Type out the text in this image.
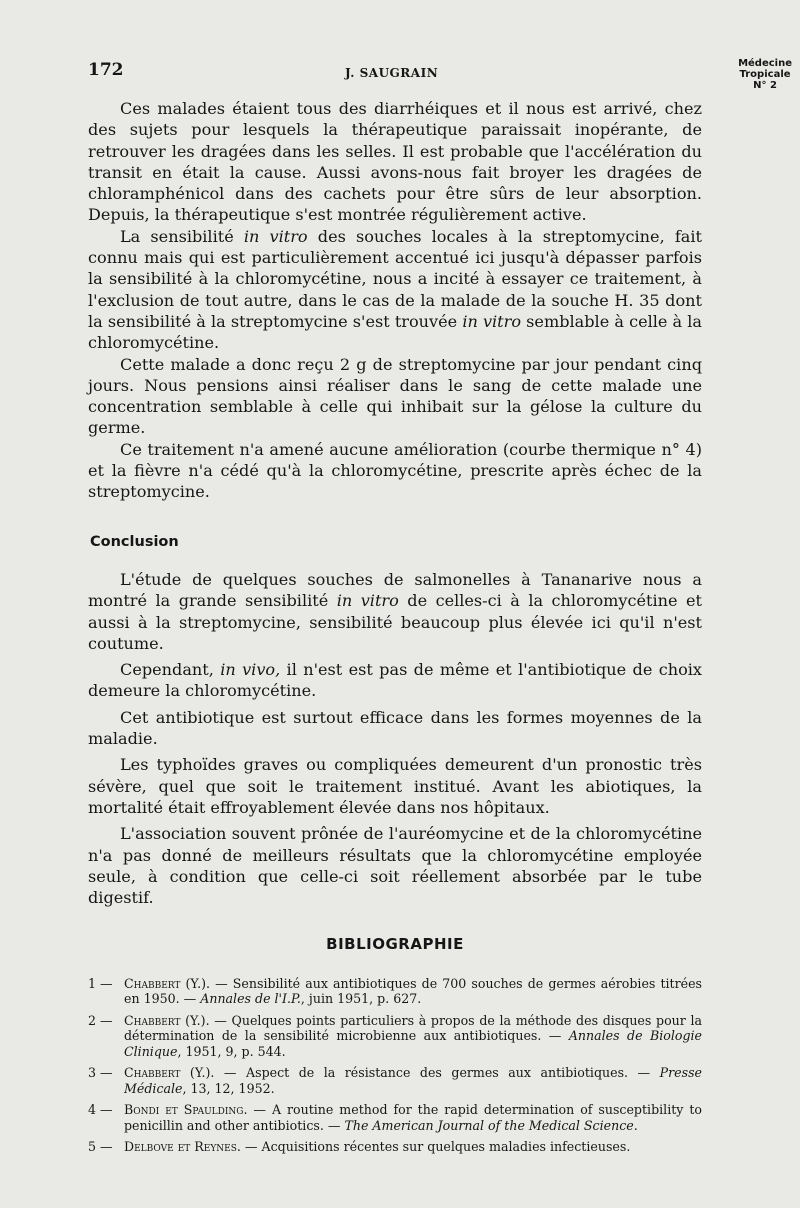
172	J. SAUGRAIN
Médecine
Tropicale
N° 2

Ces malades étaient tous des diarrhéiques et il nous est arrivé, chez des sujets pour lesquels la thérapeutique paraissait inopérante, de retrouver les dragées dans les selles. Il est probable que l'accélération du transit en était la cause. Aussi avons-nous fait broyer les dragées de chloramphénicol dans des cachets pour être sûrs de leur absorption. Depuis, la thérapeutique s'est montrée régulièrement active.

La sensibilité in vitro des souches locales à la streptomycine, fait connu mais qui est particulièrement accentué ici jusqu'à dépasser parfois la sensibilité à la chloromycétine, nous a incité à essayer ce traitement, à l'exclusion de tout autre, dans le cas de la malade de la souche H. 35 dont la sensibilité à la streptomycine s'est trouvée in vitro semblable à celle à la chloromycétine.

Cette malade a donc reçu 2 g de streptomycine par jour pendant cinq jours. Nous pensions ainsi réaliser dans le sang de cette malade une concentration semblable à celle qui inhibait sur la gélose la culture du germe.

Ce traitement n'a amené aucune amélioration (courbe thermique n° 4) et la fièvre n'a cédé qu'à la chloromycétine, prescrite après échec de la streptomycine.

Conclusion

L'étude de quelques souches de salmonelles à Tananarive nous a montré la grande sensibilité in vitro de celles-ci à la chloromycétine et aussi à la streptomycine, sensibilité beaucoup plus élevée ici qu'il n'est coutume.

Cependant, in vivo, il n'est est pas de même et l'antibiotique de choix demeure la chloromycétine.

Cet antibiotique est surtout efficace dans les formes moyennes de la maladie.

Les typhoïdes graves ou compliquées demeurent d'un pronostic très sévère, quel que soit le traitement institué. Avant les abiotiques, la mortalité était effroyablement élevée dans nos hôpitaux.

L'association souvent prônée de l'auréomycine et de la chloromycétine n'a pas donné de meilleurs résultats que la chloromycétine employée seule, à condition que celle-ci soit réellement absorbée par le tube digestif.

BIBLIOGRAPHIE
1 — Chabbert (Y.). — Sensibilité aux antibiotiques de 700 souches de germes aérobies titrées en 1950. — Annales de l'I.P., juin 1951, p. 627.
2 — Chabbert (Y.). — Quelques points particuliers à propos de la méthode des disques pour la détermination de la sensibilité microbienne aux antibiotiques. — Annales de Biologie Clinique, 1951, 9, p. 544.
3 — Chabbert (Y.). — Aspect de la résistance des germes aux antibiotiques. — Presse Médicale, 13, 12, 1952.
4 — Bondi et Spaulding. — A routine method for the rapid determination of susceptibility to penicillin and other antibiotics. — The American Journal of the Medical Science.
5 — Delbove et Reynes. — Acquisitions récentes sur quelques maladies infectieuses.
